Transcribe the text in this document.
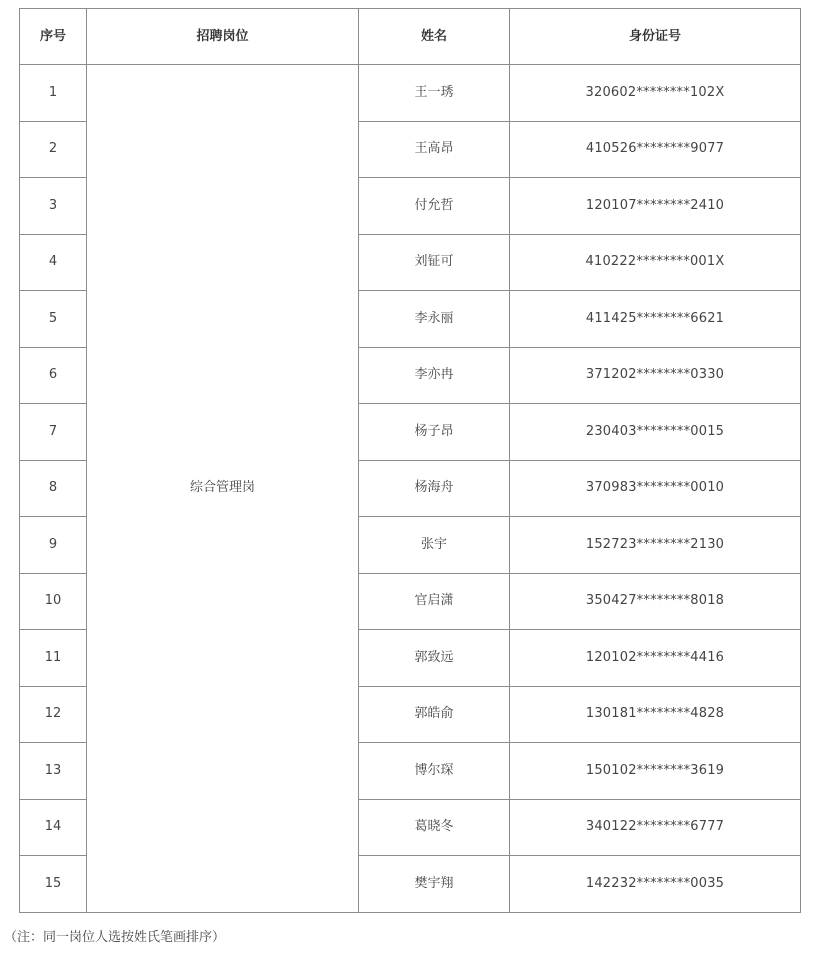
序号	招聘岗位	姓名	身份证号
1	综合管理岗	王一琇	320602********102X
2		王高昂	410526********9077
3		付允哲	120107********2410
4		刘钲可	410222********001X
5		李永丽	411425********6621
6		李亦冉	371202********0330
7		杨子昂	230403********0015
8		杨海舟	370983********0010
9		张宇	152723********2130
10		官启潇	350427********8018
11		郭致远	120102********4416
12		郭皓俞	130181********4828
13		博尔琛	150102********3619
14		葛晓冬	340122********6777
15		樊宇翔	142232********0035
（注：同一岗位人选按姓氏笔画排序）
